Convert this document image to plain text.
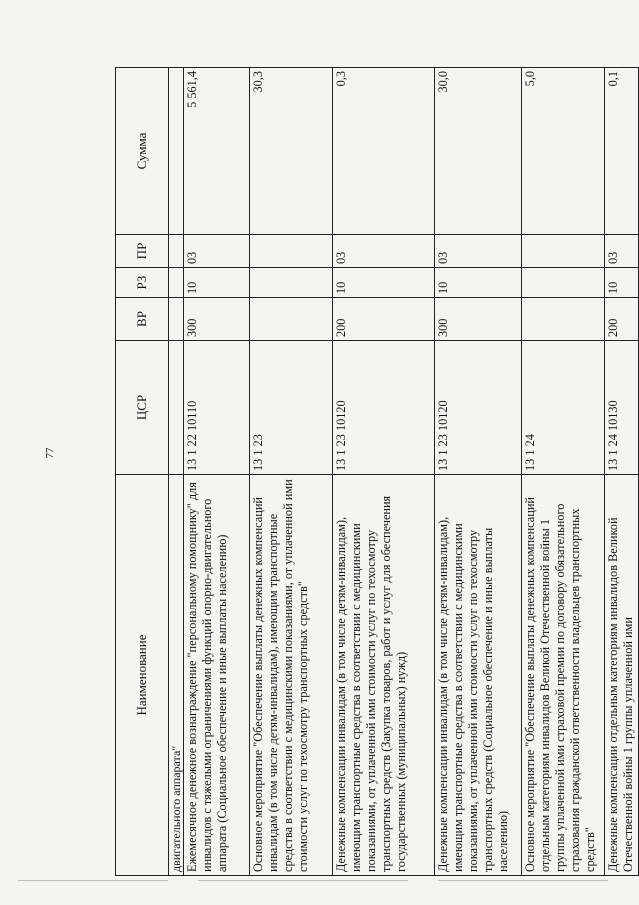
77
Наименование	ЦСР	ВР	РЗ	ПР	Сумма
двигательного аппарата"					
Ежемесячное денежное вознаграждение "персональному помощнику" для инвалидов с тяжелыми ограничениями функций опорно-двигательного аппарата (Социальное обеспечение и иные выплаты населению)	13 1 22 10110	300	10	03	5 561,4
Основное мероприятие "Обеспечение выплаты денежных компенсаций инвалидам (в том числе детям-инвалидам), имеющим транспортные средства в соответствии с медицинскими показаниями, от уплаченной ими стоимости услуг по техосмотру транспортных средств"	13 1 23				30,3
Денежные компенсации инвалидам (в том числе детям-инвалидам), имеющим транспортные средства в соответствии с медицинскими показаниями, от уплаченной ими стоимости услуг по техосмотру транспортных средств (Закупка товаров, работ и услуг для обеспечения государственных (муниципальных) нужд)	13 1 23 10120	200	10	03	0,3
Денежные компенсации инвалидам (в том числе детям-инвалидам), имеющим транспортные средства в соответствии с медицинскими показаниями, от уплаченной ими стоимости услуг по техосмотру транспортных средств (Социальное обеспечение и иные выплаты населению)	13 1 23 10120	300	10	03	30,0
Основное мероприятие "Обеспечение выплаты денежных компенсаций отдельным категориям инвалидов Великой Отечественной войны 1 группы уплаченной ими страховой премии по договору обязательного страхования гражданской ответственности владельцев транспортных средств"	13 1 24				5,0
Денежные компенсации отдельным категориям инвалидов Великой Отечественной войны 1 группы уплаченной ими	13 1 24 10130	200	10	03	0,1
